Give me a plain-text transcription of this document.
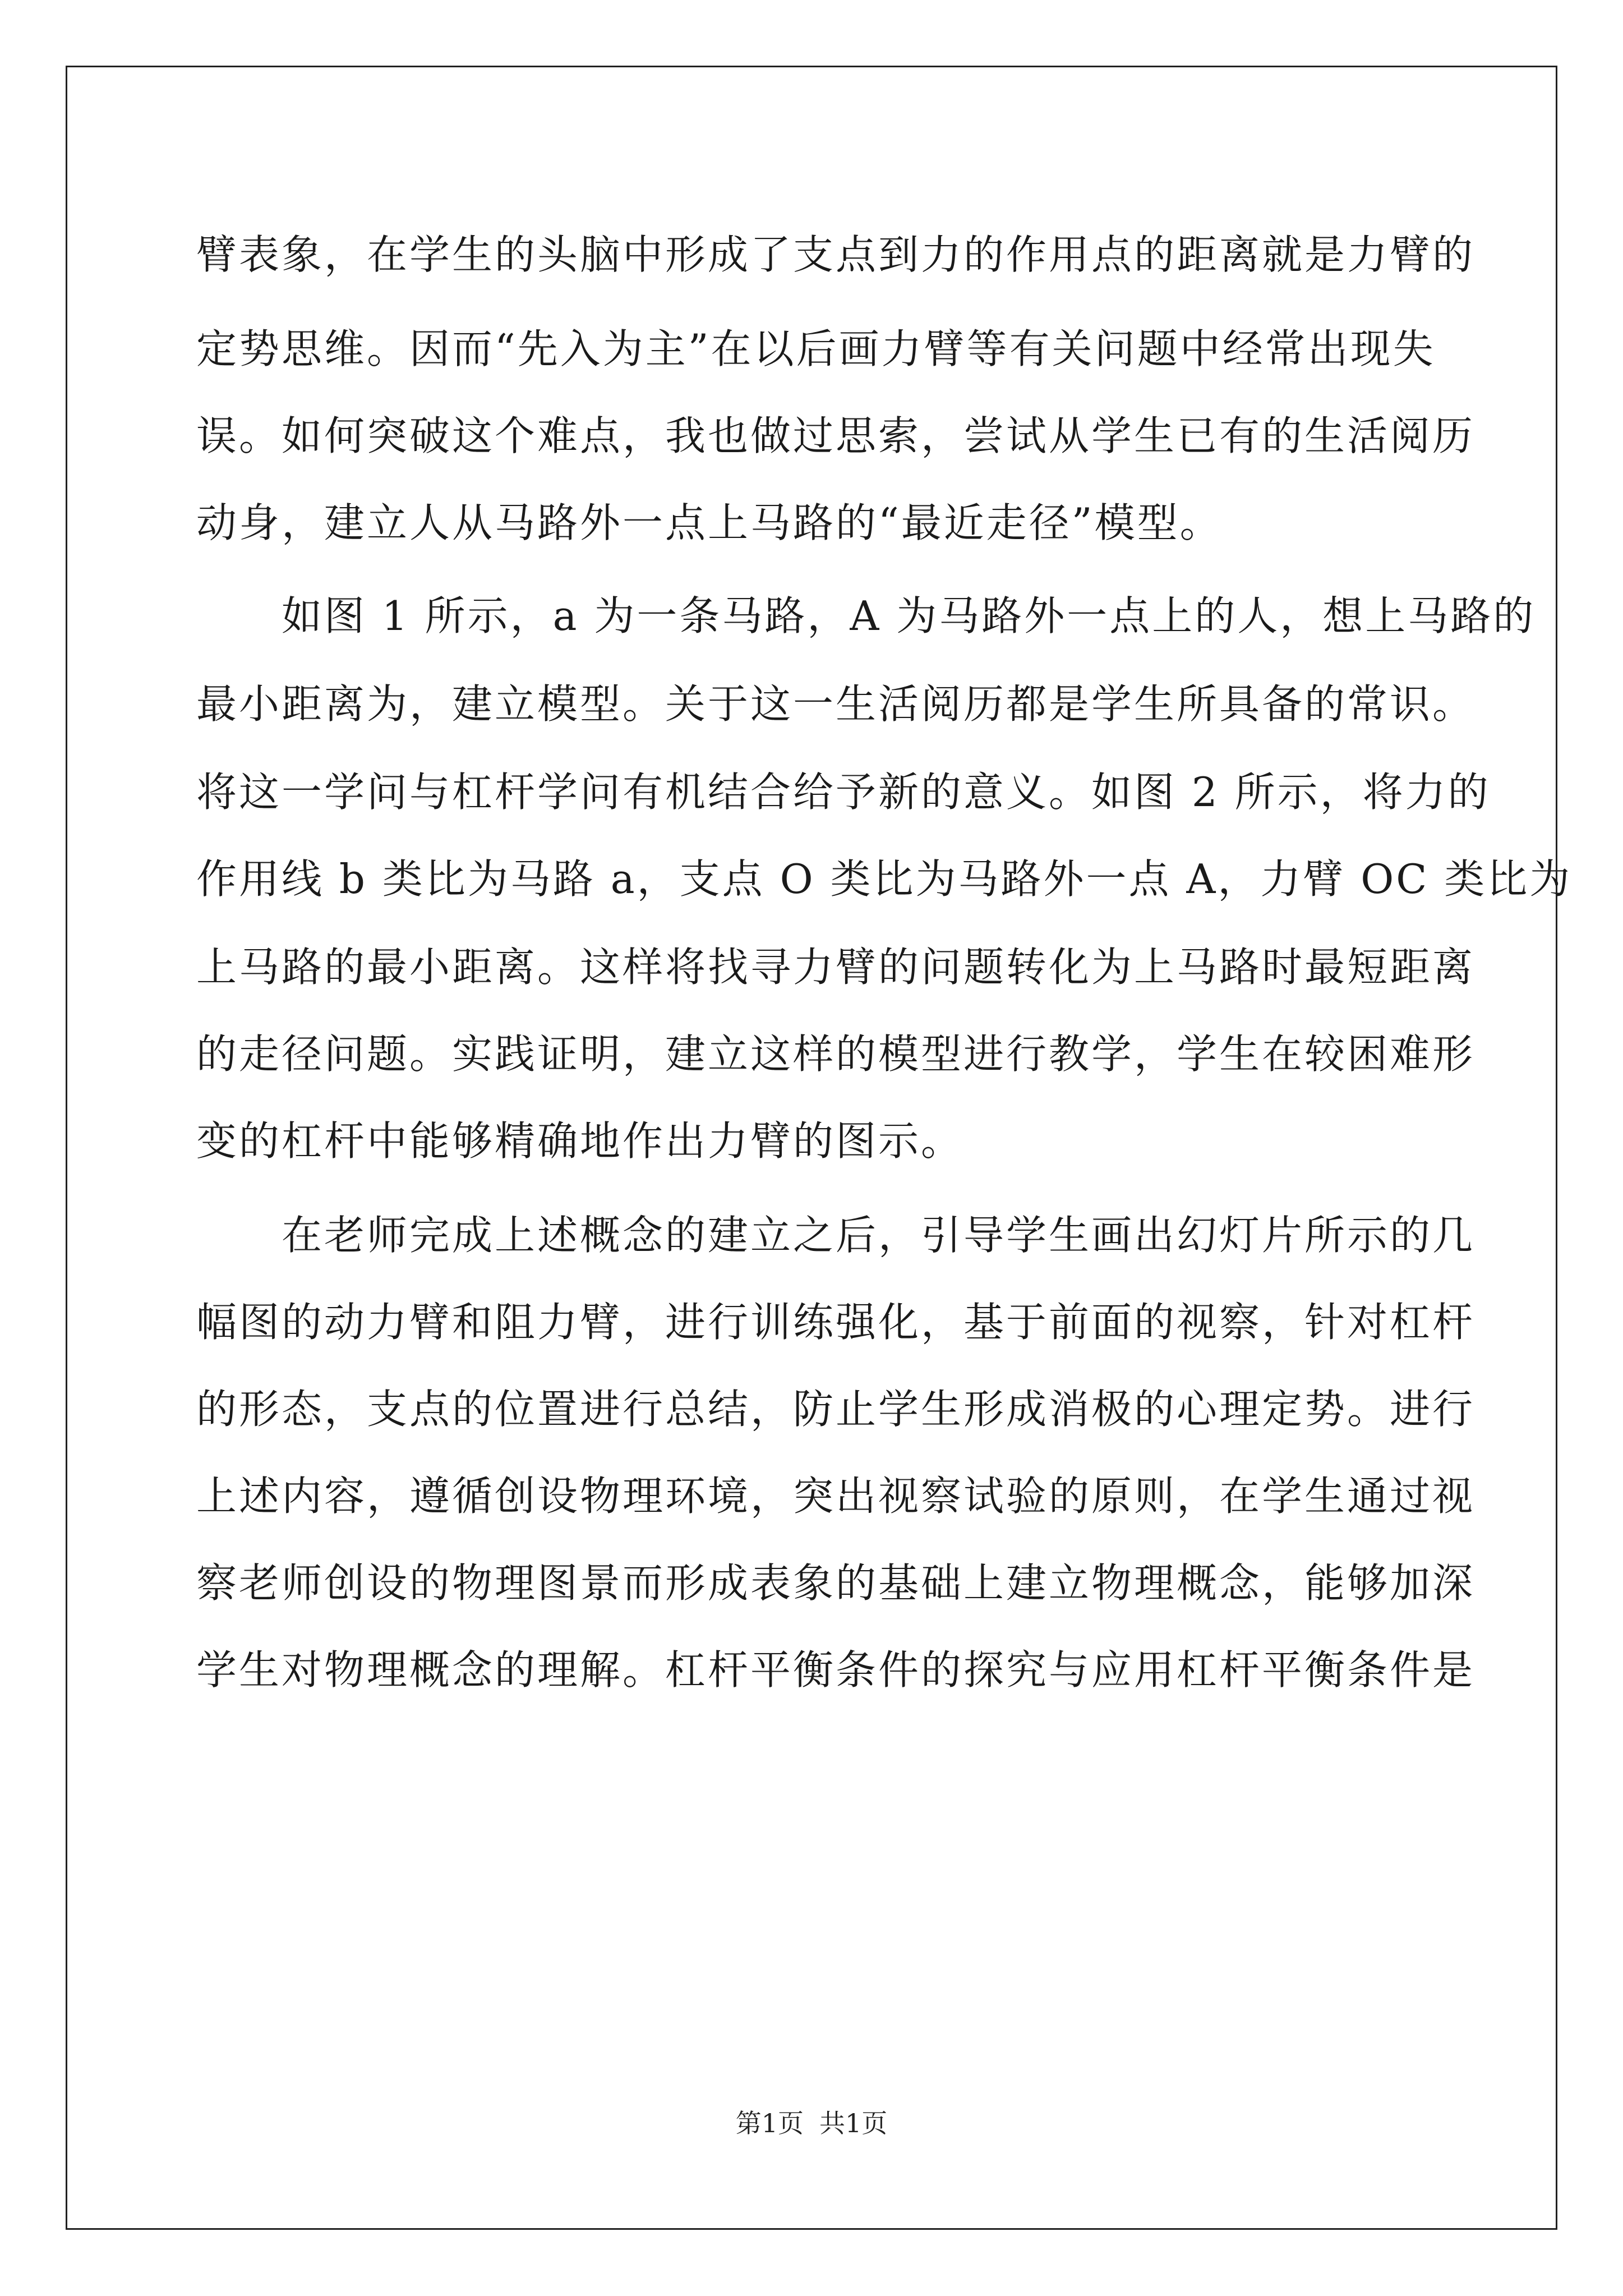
臂表象，在学生的头脑中形成了支点到力的作用点的距离就是力臂的
定势思维。因而“先入为主”在以后画力臂等有关问题中经常出现失
误。如何突破这个难点，我也做过思索，尝试从学生已有的生活阅历
动身，建立人从马路外一点上马路的“最近走径”模型。
　　如图 1 所示，a 为一条马路，A 为马路外一点上的人，想上马路的
最小距离为，建立模型。关于这一生活阅历都是学生所具备的常识。
将这一学问与杠杆学问有机结合给予新的意义。如图 2 所示，将力的
作用线 b 类比为马路 a，支点 O 类比为马路外一点 A，力臂 OC 类比为
上马路的最小距离。这样将找寻力臂的问题转化为上马路时最短距离
的走径问题。实践证明，建立这样的模型进行教学，学生在较困难形
变的杠杆中能够精确地作出力臂的图示。
　　在老师完成上述概念的建立之后，引导学生画出幻灯片所示的几
幅图的动力臂和阻力臂，进行训练强化，基于前面的视察，针对杠杆
的形态，支点的位置进行总结，防止学生形成消极的心理定势。进行
上述内容，遵循创设物理环境，突出视察试验的原则，在学生通过视
察老师创设的物理图景而形成表象的基础上建立物理概念，能够加深
学生对物理概念的理解。杠杆平衡条件的探究与应用杠杆平衡条件是
第1页 共1页
